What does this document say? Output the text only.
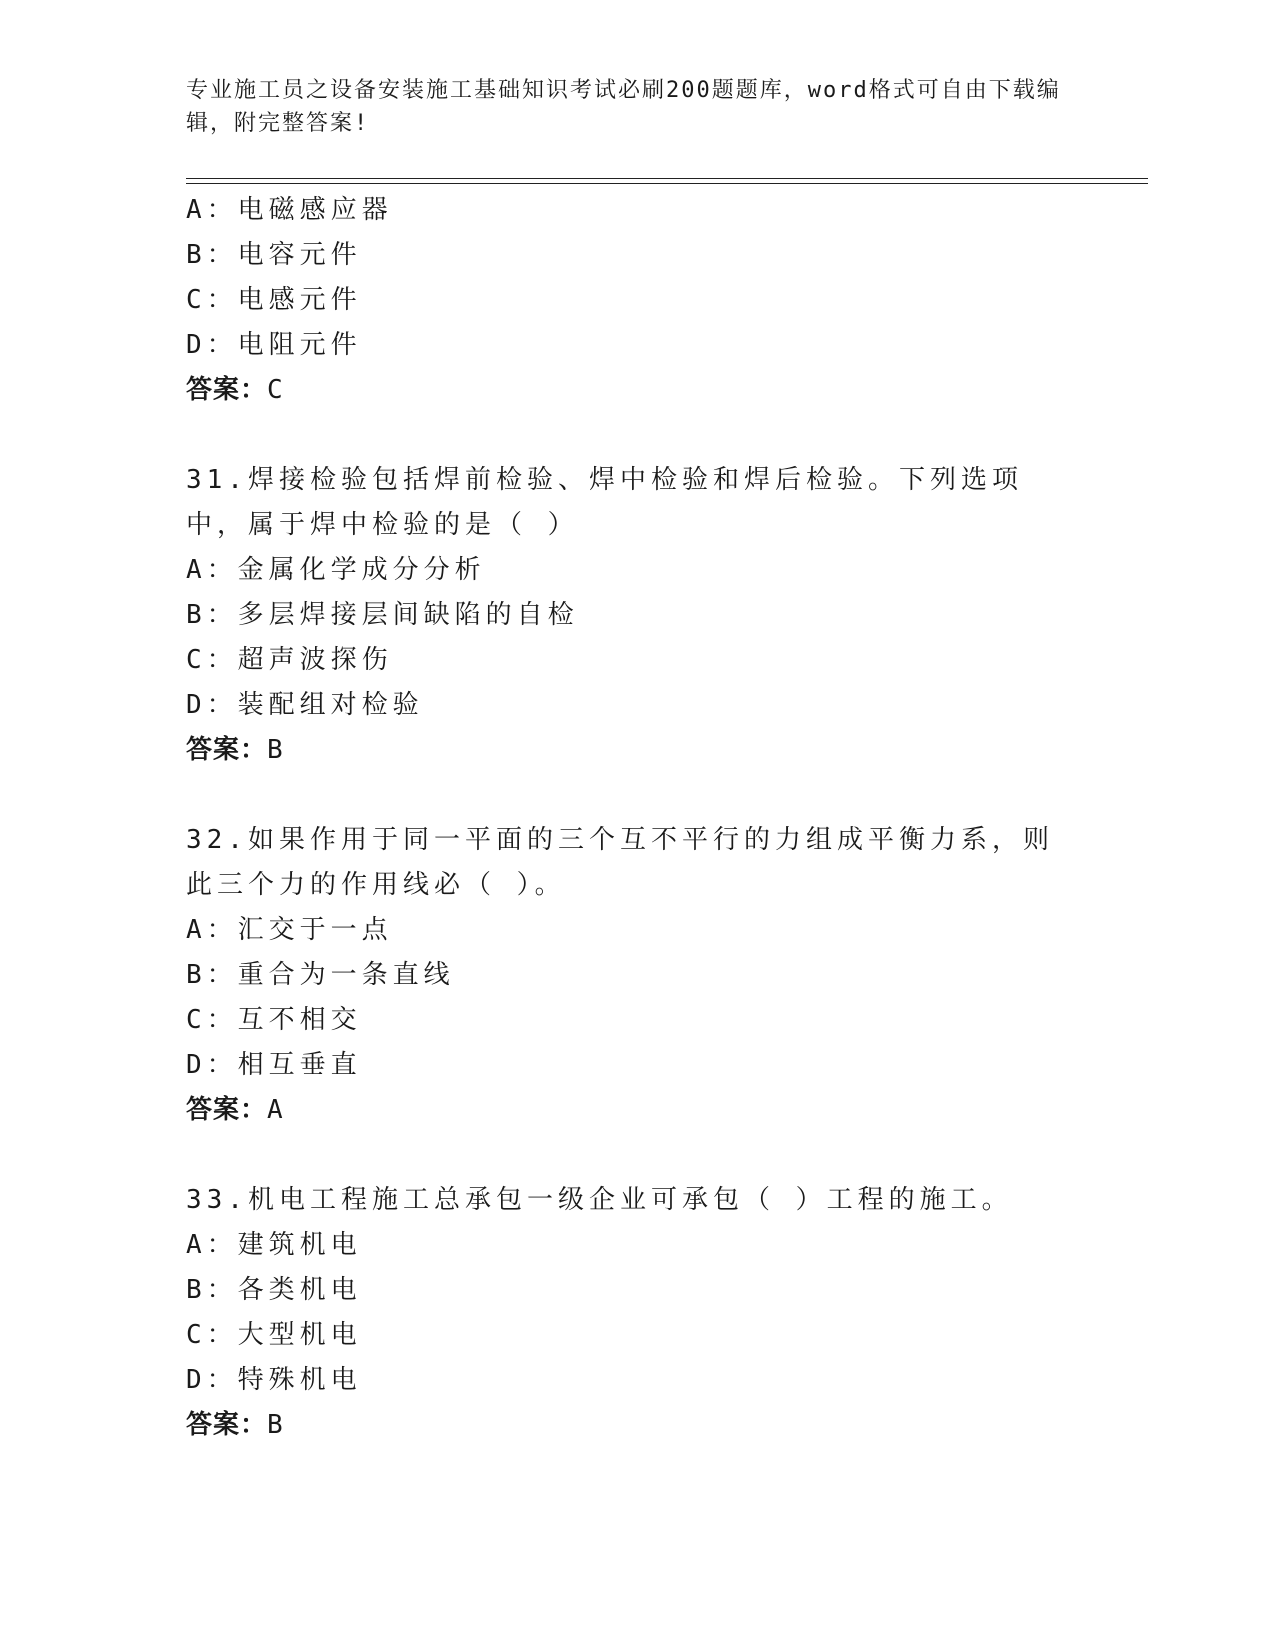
专业施工员之设备安装施工基础知识考试必刷200题题库，word格式可自由下载编辑，附完整答案!
A：电磁感应器
B：电容元件
C：电感元件
D：电阻元件
答案：C
31.焊接检验包括焊前检验、焊中检验和焊后检验。下列选项中，属于焊中检验的是（ ）
A：金属化学成分分析
B：多层焊接层间缺陷的自检
C：超声波探伤
D：装配组对检验
答案：B
32.如果作用于同一平面的三个互不平行的力组成平衡力系，则此三个力的作用线必（ ）。
A：汇交于一点
B：重合为一条直线
C：互不相交
D：相互垂直
答案：A
33.机电工程施工总承包一级企业可承包（ ）工程的施工。
A：建筑机电
B：各类机电
C：大型机电
D：特殊机电
答案：B
